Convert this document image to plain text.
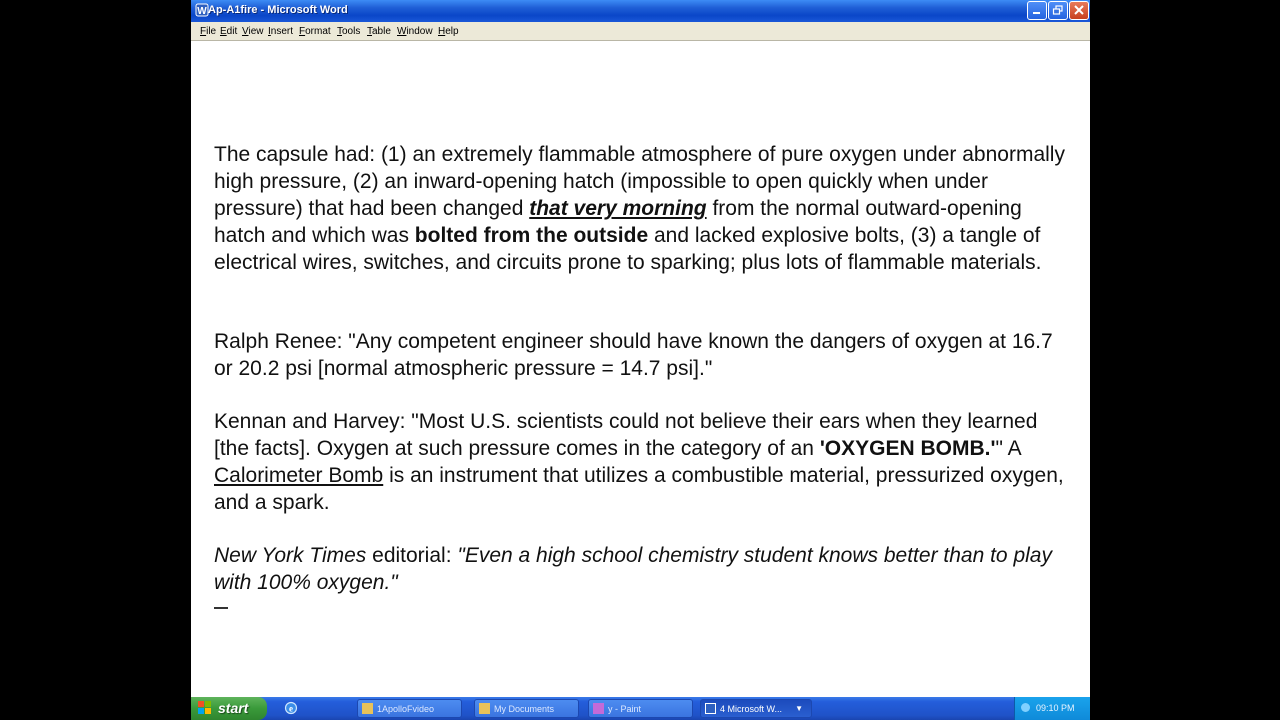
W Ap-A1fire - Microsoft Word
File Edit View Insert Format Tools Table Window Help
The capsule had: (1) an extremely flammable atmosphere of pure oxygen under abnormally high pressure, (2) an inward-opening hatch (impossible to open quickly when under pressure) that had been changed that very morning from the normal outward-opening hatch and which was bolted from the outside and lacked explosive bolts, (3) a tangle of electrical wires, switches, and circuits prone to sparking; plus lots of flammable materials.
Ralph Renee: "Any competent engineer should have known the dangers of oxygen at 16.7 or 20.2 psi [normal atmospheric pressure = 14.7 psi]."
Kennan and Harvey: "Most U.S. scientists could not believe their ears when they learned [the facts]. Oxygen at such pressure comes in the category of an 'OXYGEN BOMB.'" A Calorimeter Bomb is an instrument that utilizes a combustible material, pressurized oxygen, and a spark.
New York Times editorial: "Even a high school chemistry student knows better than to play with 100% oxygen."
start	e	1ApolloFvideo	My Documents	y - Paint	4 Microsoft W... ▼	09:10 PM
